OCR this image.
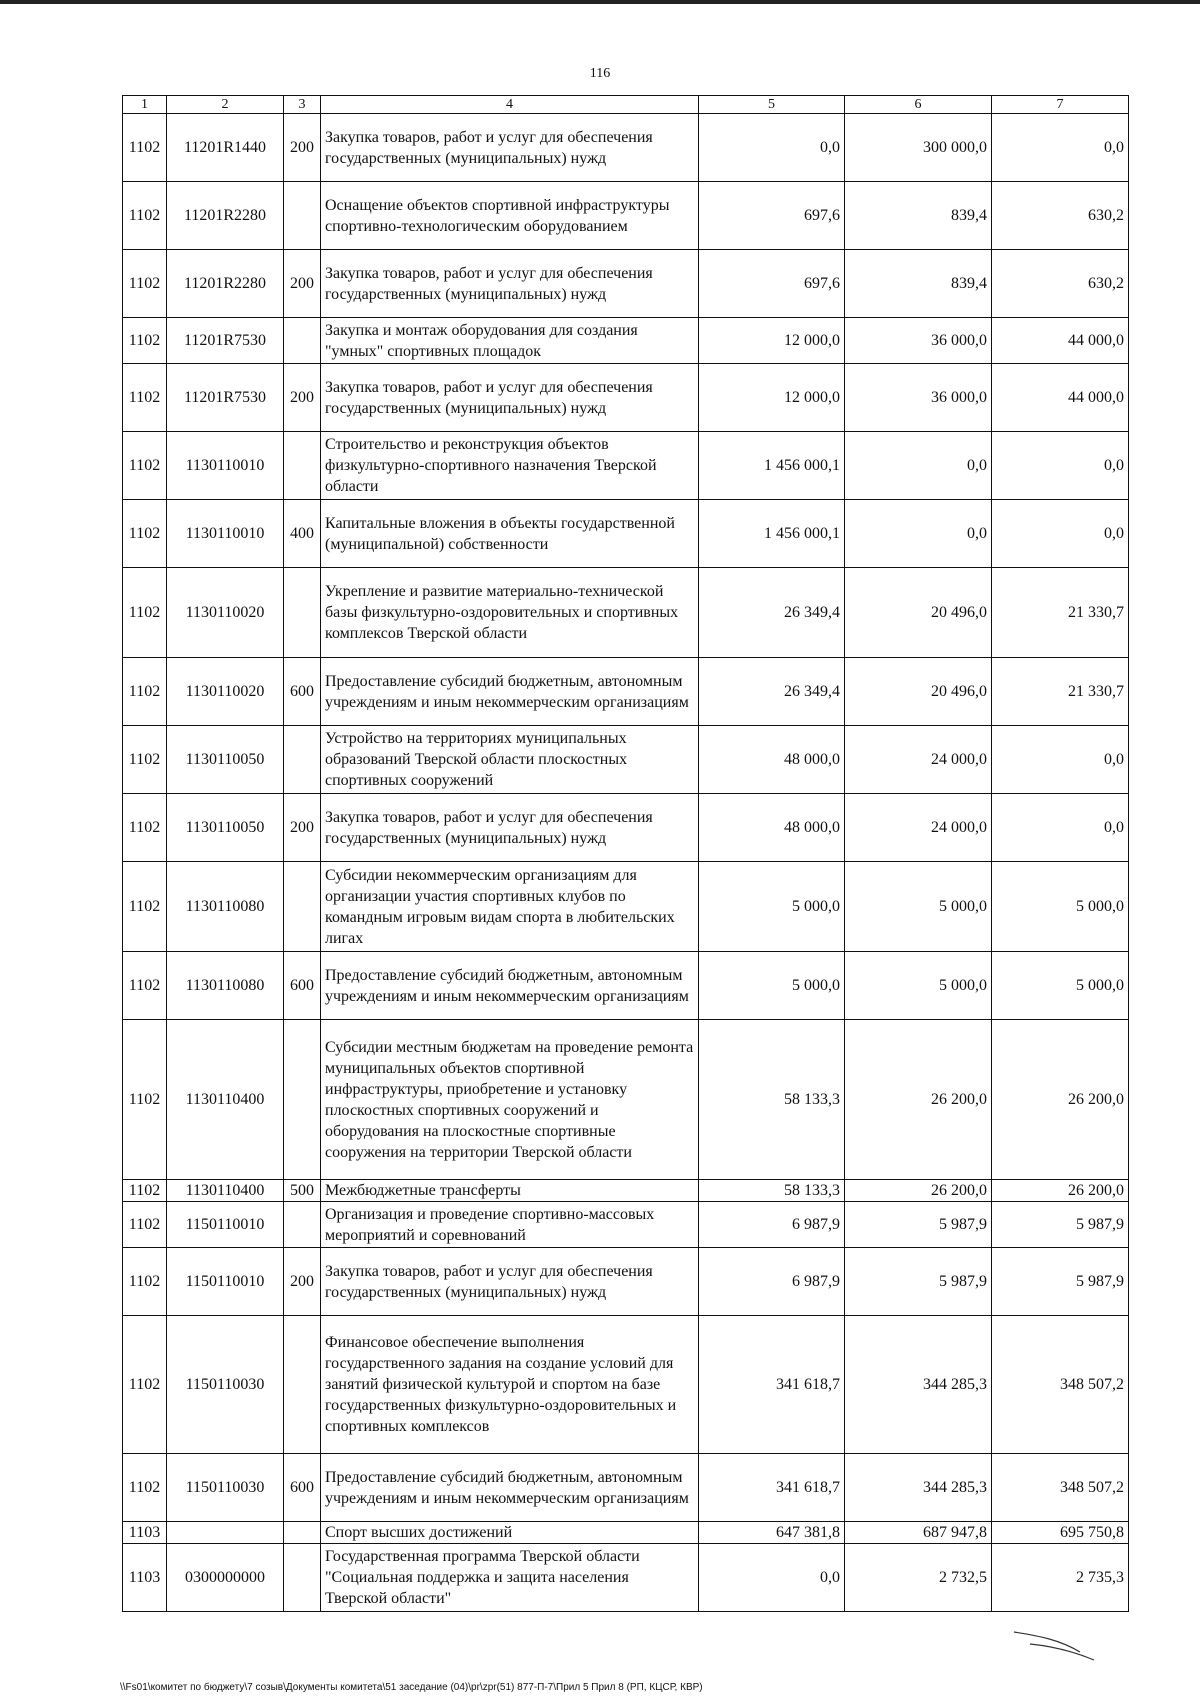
116
1	2	3	4	5	6	7
1102	11201R1440	200	Закупка товаров, работ и услуг для обеспечения государственных (муниципальных) нужд	0,0	300 000,0	0,0
1102	11201R2280		Оснащение объектов спортивной инфраструктуры спортивно-технологическим оборудованием	697,6	839,4	630,2
1102	11201R2280	200	Закупка товаров, работ и услуг для обеспечения государственных (муниципальных) нужд	697,6	839,4	630,2
1102	11201R7530		Закупка и монтаж оборудования для создания "умных" спортивных площадок	12 000,0	36 000,0	44 000,0
1102	11201R7530	200	Закупка товаров, работ и услуг для обеспечения государственных (муниципальных) нужд	12 000,0	36 000,0	44 000,0
1102	1130110010		Строительство и реконструкция объектов физкультурно-спортивного назначения Тверской области	1 456 000,1	0,0	0,0
1102	1130110010	400	Капитальные вложения в объекты государственной (муниципальной) собственности	1 456 000,1	0,0	0,0
1102	1130110020		Укрепление и развитие материально-технической базы физкультурно-оздоровительных и спортивных комплексов Тверской области	26 349,4	20 496,0	21 330,7
1102	1130110020	600	Предоставление субсидий бюджетным, автономным учреждениям и иным некоммерческим организациям	26 349,4	20 496,0	21 330,7
1102	1130110050		Устройство на территориях муниципальных образований Тверской области плоскостных спортивных сооружений	48 000,0	24 000,0	0,0
1102	1130110050	200	Закупка товаров, работ и услуг для обеспечения государственных (муниципальных) нужд	48 000,0	24 000,0	0,0
1102	1130110080		Субсидии некоммерческим организациям для организации участия спортивных клубов по командным игровым видам спорта в любительских лигах	5 000,0	5 000,0	5 000,0
1102	1130110080	600	Предоставление субсидий бюджетным, автономным учреждениям и иным некоммерческим организациям	5 000,0	5 000,0	5 000,0
1102	1130110400		Субсидии местным бюджетам на проведение ремонта муниципальных объектов спортивной инфраструктуры, приобретение и установку плоскостных спортивных сооружений и оборудования на плоскостные спортивные сооружения на территории Тверской области	58 133,3	26 200,0	26 200,0
1102	1130110400	500	Межбюджетные трансферты	58 133,3	26 200,0	26 200,0
1102	1150110010		Организация и проведение спортивно-массовых мероприятий и соревнований	6 987,9	5 987,9	5 987,9
1102	1150110010	200	Закупка товаров, работ и услуг для обеспечения государственных (муниципальных) нужд	6 987,9	5 987,9	5 987,9
1102	1150110030		Финансовое обеспечение выполнения государственного задания на создание условий для занятий физической культурой и спортом на базе государственных физкультурно-оздоровительных и спортивных комплексов	341 618,7	344 285,3	348 507,2
1102	1150110030	600	Предоставление субсидий бюджетным, автономным учреждениям и иным некоммерческим организациям	341 618,7	344 285,3	348 507,2
1103			Спорт высших достижений	647 381,8	687 947,8	695 750,8
1103	0300000000		Государственная программа Тверской области "Социальная поддержка и защита населения Тверской области"	0,0	2 732,5	2 735,3
\\Fs01\комитет по бюджету\7 созыв\Документы комитета\51 заседание (04)\pr\zpr(51) 877-П-7\Прил 5 Прил 8 (РП, КЦСР, КВР)
